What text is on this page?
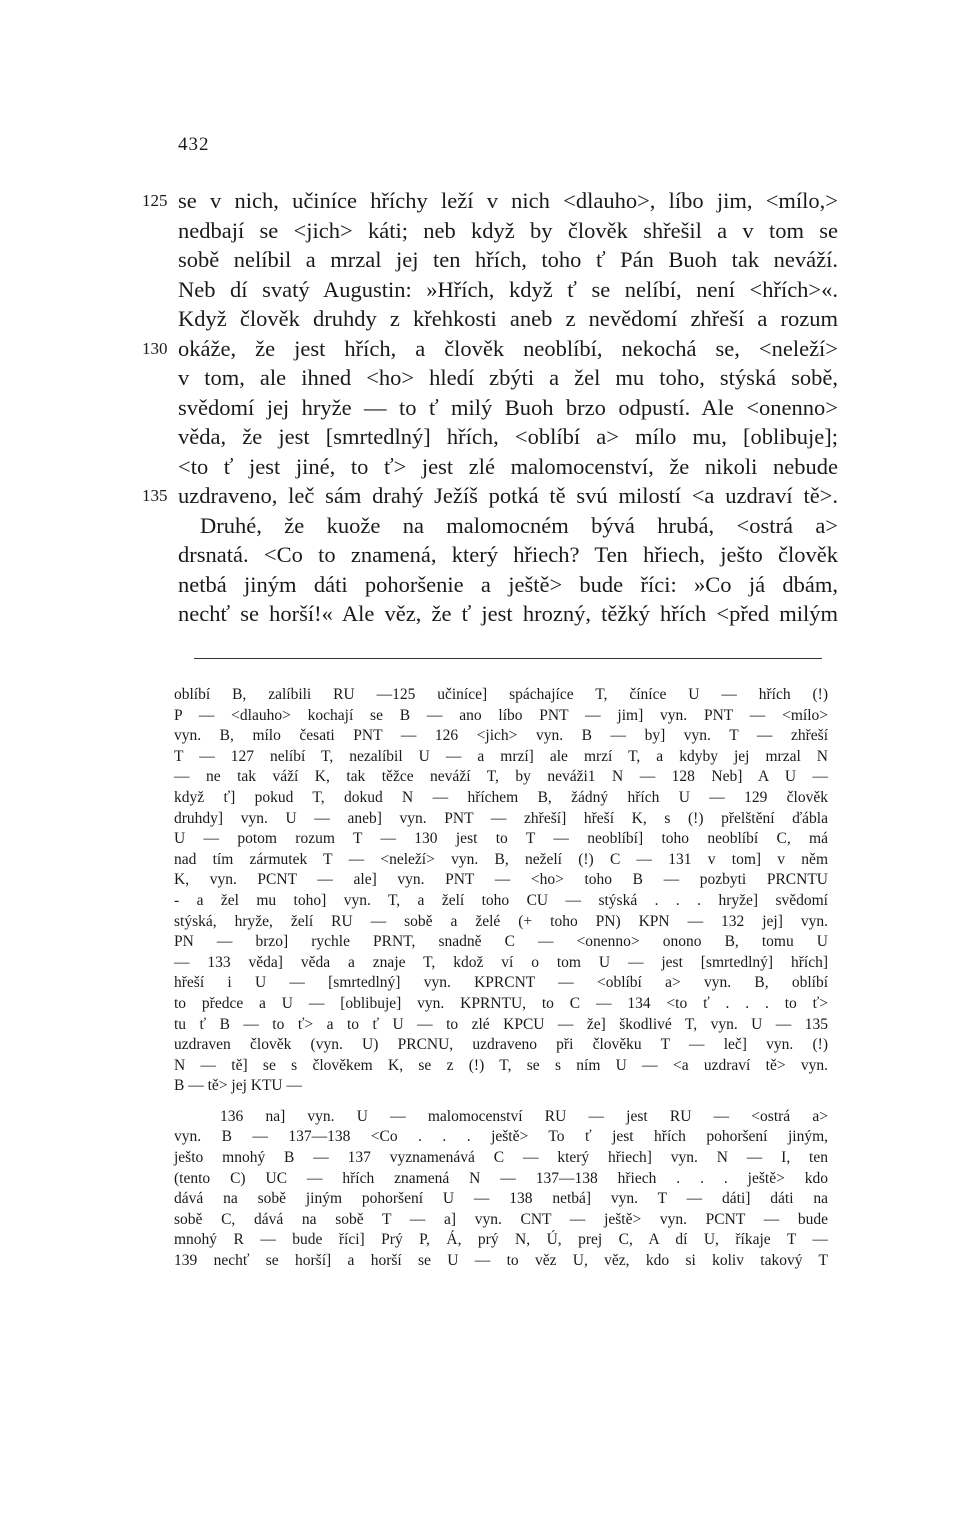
432
125 se v nich, učiníce hříchy leží v nich <dlauho>, líbo jim, <mílo,>
nedbají se <jich> káti; neb když by člověk shřešil a v tom se
sobě nelíbil a mrzal jej ten hřích, toho ť Pán Buoh tak neváží.
Neb dí svatý Augustin: »Hřích, když ť se nelíbí, není <hřích>«.
Když člověk druhdy z křehkosti aneb z nevědomí zhřeší a rozum
130 okáže, že jest hřích, a člověk neoblíbí, nekochá se, <neleží>
v tom, ale ihned <ho> hledí zbýti a žel mu toho, stýská sobě,
svědomí jej hryže — to ť milý Buoh brzo odpustí. Ale <onenno>
věda, že jest [smrtedlný] hřích, <oblíbí a> mílo mu, [oblibuje];
<to ť jest jiné, to ť> jest zlé malomocenství, že nikoli nebude
135 uzdraveno, leč sám drahý Ježíš potká tě svú milostí <a uzdraví tě>.
Druhé, že kuože na malomocném bývá hrubá, <ostrá a>
drsnatá. <Co to znamená, který hřiech? Ten hřiech, ješto člověk
netbá jiným dáti pohoršenie a ještě> bude říci: »Co já dbám,
nechť se horší!« Ale věz, že ť jest hrozný, těžký hřích <před milým
oblíbí B, zalíbili RU —125 učiníce] spáchajíce T, číníce U — hřích (!)
P — <dlauho> kochají se B — ano líbo PNT — jim] vyn. PNT — <mílo>
vyn. B, mílo česati PNT — 126 <jich> vyn. B — by] vyn. T — zhřeší
T — 127 nelíbí T, nezalíbil U — a mrzí] ale mrzí T, a kdyby jej mrzal N
— ne tak váží K, tak těžce neváží T, by neváži1 N — 128 Neb] A U —
když ť] pokud T, dokud N — hříchem B, žádný hřích U — 129 člověk
druhdy] vyn. U — aneb] vyn. PNT — zhřeší] hřeší K, s (!) přelštění ďábla
U — potom rozum T — 130 jest to T — neoblíbí] toho neoblíbí C, má
nad tím zármutek T — <neleží> vyn. B, neželí (!) C — 131 v tom] v něm
K, vyn. PCNT — ale] vyn. PNT — <ho> toho B — pozbyti PRCNTU
- a žel mu toho] vyn. T, a želí toho CU — stýská . . . hryže] svědomí
stýská, hryže, želí RU — sobě a želé (+ toho PN) KPN — 132 jej] vyn.
PN — brzo] rychle PRNT, snadně C — <onenno> onono B, tomu U
— 133 věda] věda a znaje T, kdož ví o tom U — jest [smrtedlný] hřích]
hřeší i U — [smrtedlný] vyn. KPRCNT — <oblíbí a> vyn. B, oblíbí
to předce a U — [oblibuje] vyn. KPRNTU, to C — 134 <to ť . . . to ť>
tu ť B — to ť> a to ť U — to zlé KPCU — že] škodlivé T, vyn. U — 135
uzdraven člověk (vyn. U) PRCNU, uzdraveno při člověku T — leč] vyn. (!)
N — tě] se s člověkem K, se z (!) T, se s ním U — <a uzdraví tě> vyn.
B — tě> jej KTU —
136 na] vyn. U — malomocenství RU — jest RU — <ostrá a>
vyn. B — 137—138 <Co . . . ještě> To ť jest hřích pohoršení jiným,
ješto mnohý B — 137 vyznamenává C — který hřiech] vyn. N — I, ten
(tento C) UC — hřích znamená N — 137—138 hřiech . . . ještě> kdo
dává na sobě jiným pohoršení U — 138 netbá] vyn. T — dáti] dáti na
sobě C, dává na sobě T — a] vyn. CNT — ještě> vyn. PCNT — bude
mnohý R — bude říci] Prý P, Á, prý N, Ú, prej C, A dí U, říkaje T —
139 nechť se horší] a horší se U — to věz U, věz, kdo si koliv takový T
